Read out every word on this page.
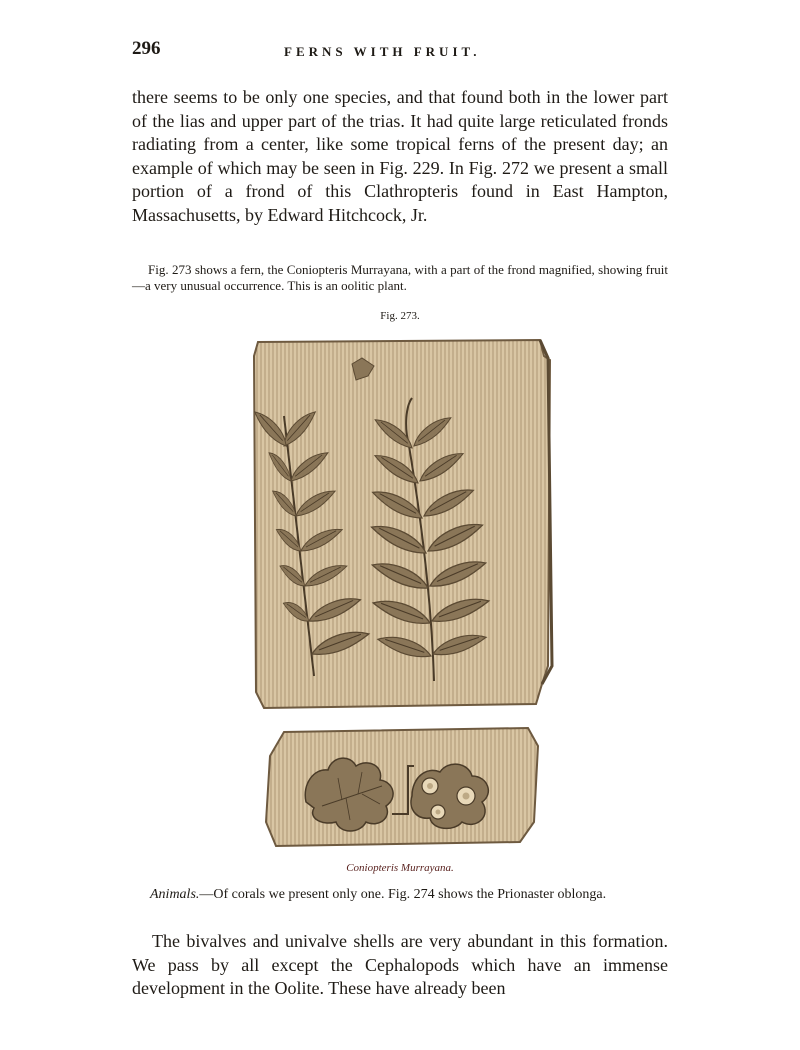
296	FERNS WITH FRUIT.

there seems to be only one species, and that found both in the lower part of the lias and upper part of the trias. It had quite large reticulated fronds radiating from a center, like some tropical ferns of the present day; an example of which may be seen in Fig. 229. In Fig. 272 we present a small portion of a frond of this Clathropteris found in East Hampton, Massachusetts, by Edward Hitchcock, Jr.

Fig. 273 shows a fern, the Coniopteris Murrayana, with a part of the frond magnified, showing fruit—a very unusual occurrence. This is an oolitic plant.

Fig. 273.
Coniopteris Murrayana.

Animals.—Of corals we present only one. Fig. 274 shows the Prionaster oblonga.

The bivalves and univalve shells are very abundant in this formation. We pass by all except the Cephalopods which have an immense development in the Oolite. These have already been
